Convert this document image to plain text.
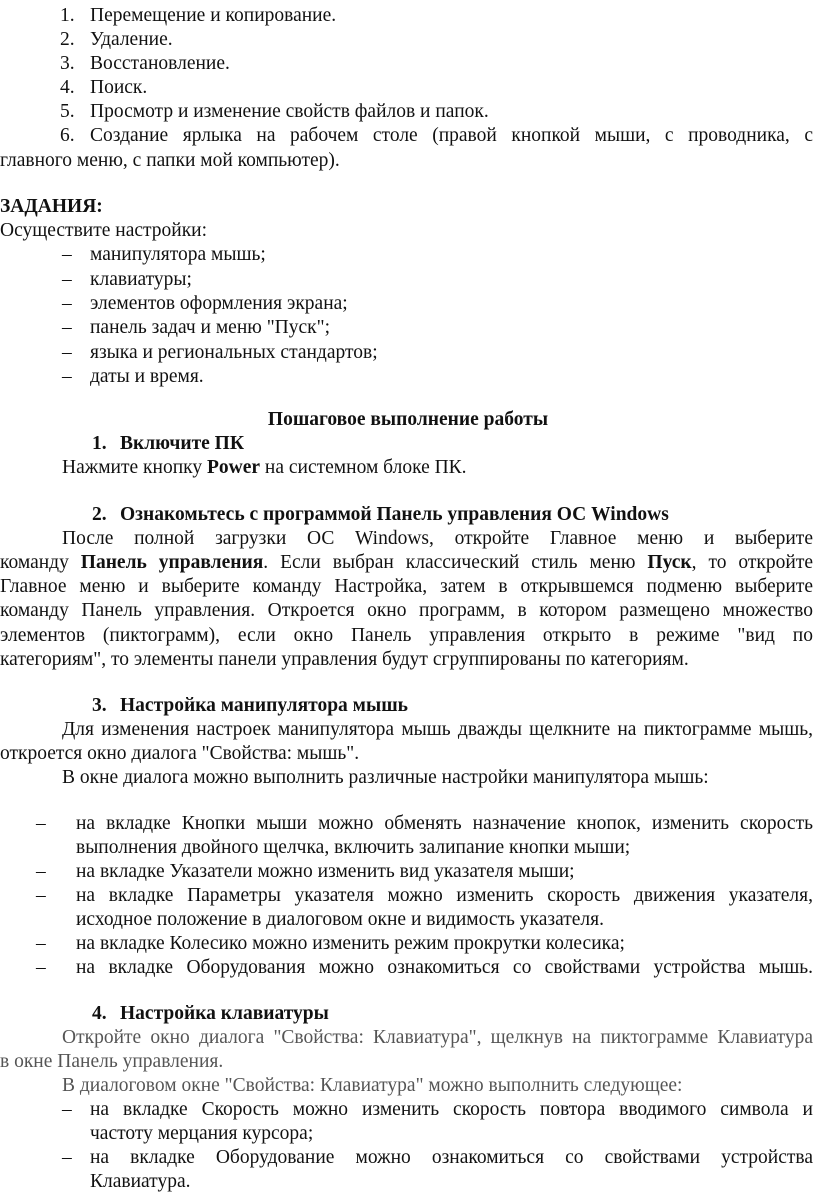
1. Перемещение и копирование.
2. Удаление.
3. Восстановление.
4. Поиск.
5. Просмотр и изменение свойств файлов и папок.
6. Создание ярлыка на рабочем столе (правой кнопкой мыши, с проводника, с
главного меню, с папки мой компьютер).
ЗАДАНИЯ:
Осуществите настройки:
– манипулятора мышь;
– клавиатуры;
– элементов оформления экрана;
– панель задач и меню "Пуск";
– языка и региональных стандартов;
– даты и время.
Пошаговое выполнение работы
1. Включите ПК
Нажмите кнопку Power на системном блоке ПК.
2. Ознакомьтесь с программой Панель управления ОС Windows
После полной загрузки ОС Windows, откройте Главное меню и выберите
команду Панель управления. Если выбран классический стиль меню Пуск, то откройте
Главное меню и выберите команду Настройка, затем в открывшемся подменю выберите
команду Панель управления. Откроется окно программ, в котором размещено множество
элементов (пиктограмм), если окно Панель управления открыто в режиме "вид по
категориям", то элементы панели управления будут сгруппированы по категориям.
3. Настройка манипулятора мышь
Для изменения настроек манипулятора мышь дважды щелкните на пиктограмме мышь,
откроется окно диалога "Свойства: мышь".
В окне диалога можно выполнить различные настройки манипулятора мышь:
– на вкладке Кнопки мыши можно обменять назначение кнопок, изменить скорость
выполнения двойного щелчка, включить залипание кнопки мыши;
– на вкладке Указатели можно изменить вид указателя мыши;
– на вкладке Параметры указателя можно изменить скорость движения указателя,
исходное положение в диалоговом окне и видимость указателя.
– на вкладке Колесико можно изменить режим прокрутки колесика;
– на вкладке Оборудования можно ознакомиться со свойствами устройства мышь.
4. Настройка клавиатуры
Откройте окно диалога "Свойства: Клавиатура", щелкнув на пиктограмме Клавиатура
в окне Панель управления.
В диалоговом окне "Свойства: Клавиатура" можно выполнить следующее:
– на вкладке Скорость можно изменить скорость повтора вводимого символа и
частоту мерцания курсора;
– на вкладке Оборудование можно ознакомиться со свойствами устройства
Клавиатура.
